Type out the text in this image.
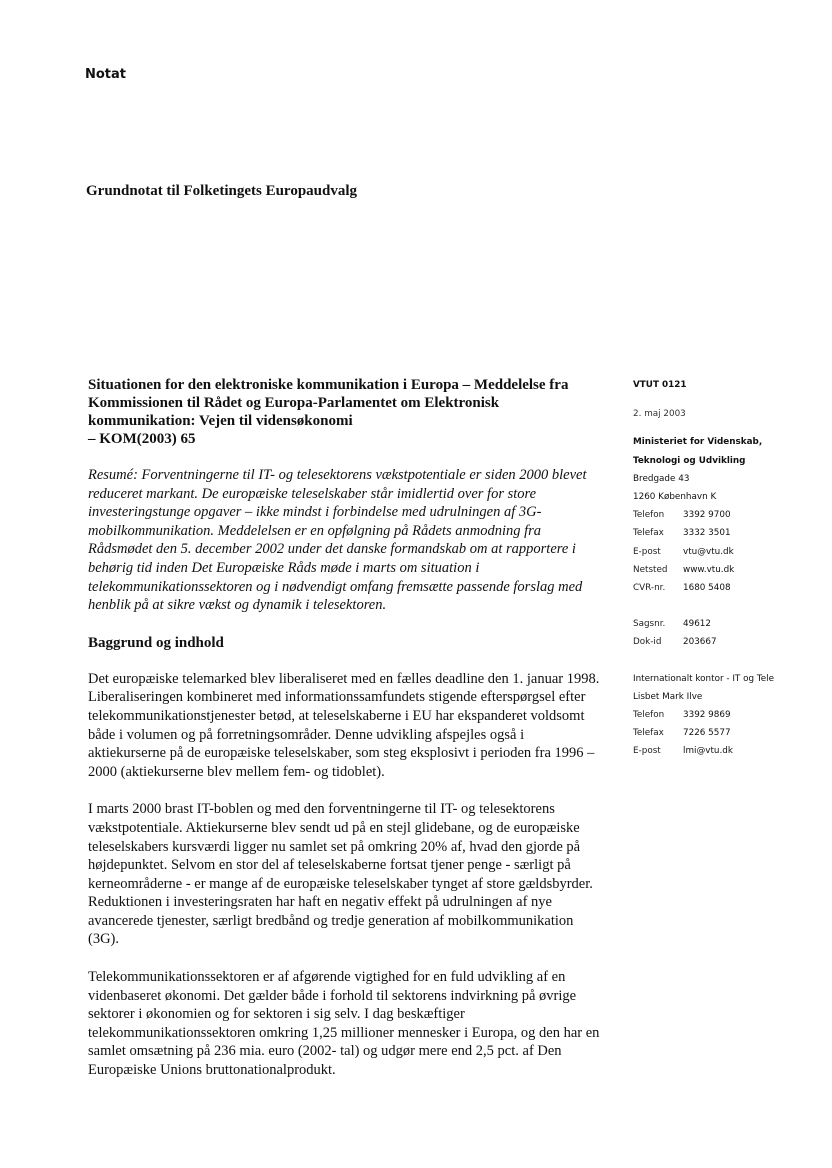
Notat
Grundnotat til Folketingets Europaudvalg
Situationen for den elektroniske kommunikation i Europa – Meddelelse fra
Kommissionen til Rådet og Europa-Parlamentet om Elektronisk
kommunikation: Vejen til vidensøkonomi
– KOM(2003) 65

Resumé: Forventningerne til IT- og telesektorens vækstpotentiale er siden 2000 blevet reduceret markant. De europæiske teleselskaber står imidlertid over for store investeringstunge opgaver – ikke mindst i forbindelse med udrulningen af 3G-mobilkommunikation. Meddelelsen er en opfølgning på Rådets anmodning fra Rådsmødet den 5. december 2002 under det danske formandskab om at rapportere i behørig tid inden Det Europæiske Råds møde i marts om situation i telekommunikationssektoren og i nødvendigt omfang fremsætte passende forslag med henblik på at sikre vækst og dynamik i telesektoren.

Baggrund og indhold

Det europæiske telemarked blev liberaliseret med en fælles deadline den 1. januar 1998. Liberaliseringen kombineret med informationssamfundets stigende efterspørgsel efter telekommunikationstjenester betød, at teleselskaberne i EU har ekspanderet voldsomt både i volumen og på forretningsområder. Denne udvikling afspejles også i aktiekurserne på de europæiske teleselskaber, som steg eksplosivt i perioden fra 1996 – 2000 (aktiekurserne blev mellem fem- og tidoblet).

I marts 2000 brast IT-boblen og med den forventningerne til IT- og telesektorens vækstpotentiale. Aktiekurserne blev sendt ud på en stejl glidebane, og de europæiske teleselskabers kursværdi ligger nu samlet set på omkring 20% af, hvad den gjorde på højdepunktet. Selvom en stor del af teleselskaberne fortsat tjener penge - særligt på kerneområderne - er mange af de europæiske teleselskaber tynget af store gældsbyrder. Reduktionen i investeringsraten har haft en negativ effekt på udrulningen af nye avancerede tjenester, særligt bredbånd og tredje generation af mobilkommunikation (3G).

Telekommunikationssektoren er af afgørende vigtighed for en fuld udvikling af en videnbaseret økonomi. Det gælder både i forhold til sektorens indvirkning på øvrige sektorer i økonomien og for sektoren i sig selv. I dag beskæftiger telekommunikationssektoren omkring 1,25 millioner mennesker i Europa, og den har en samlet omsætning på 236 mia. euro (2002- tal) og udgør mere end 2,5 pct. af Den Europæiske Unions bruttonationalprodukt.

VTUT 0121
2. maj 2003
Ministeriet for Videnskab,
Teknologi og Udvikling
Bredgade 43
1260 København K
Telefon	3392 9700
Telefax	3332 3501
E-post	vtu@vtu.dk
Netsted	www.vtu.dk
CVR-nr.	1680 5408
Sagsnr.	49612
Dok-id	203667
Internationalt kontor - IT og Tele
Lisbet Mark Ilve
Telefon	3392 9869
Telefax	7226 5577
E-post	lmi@vtu.dk
